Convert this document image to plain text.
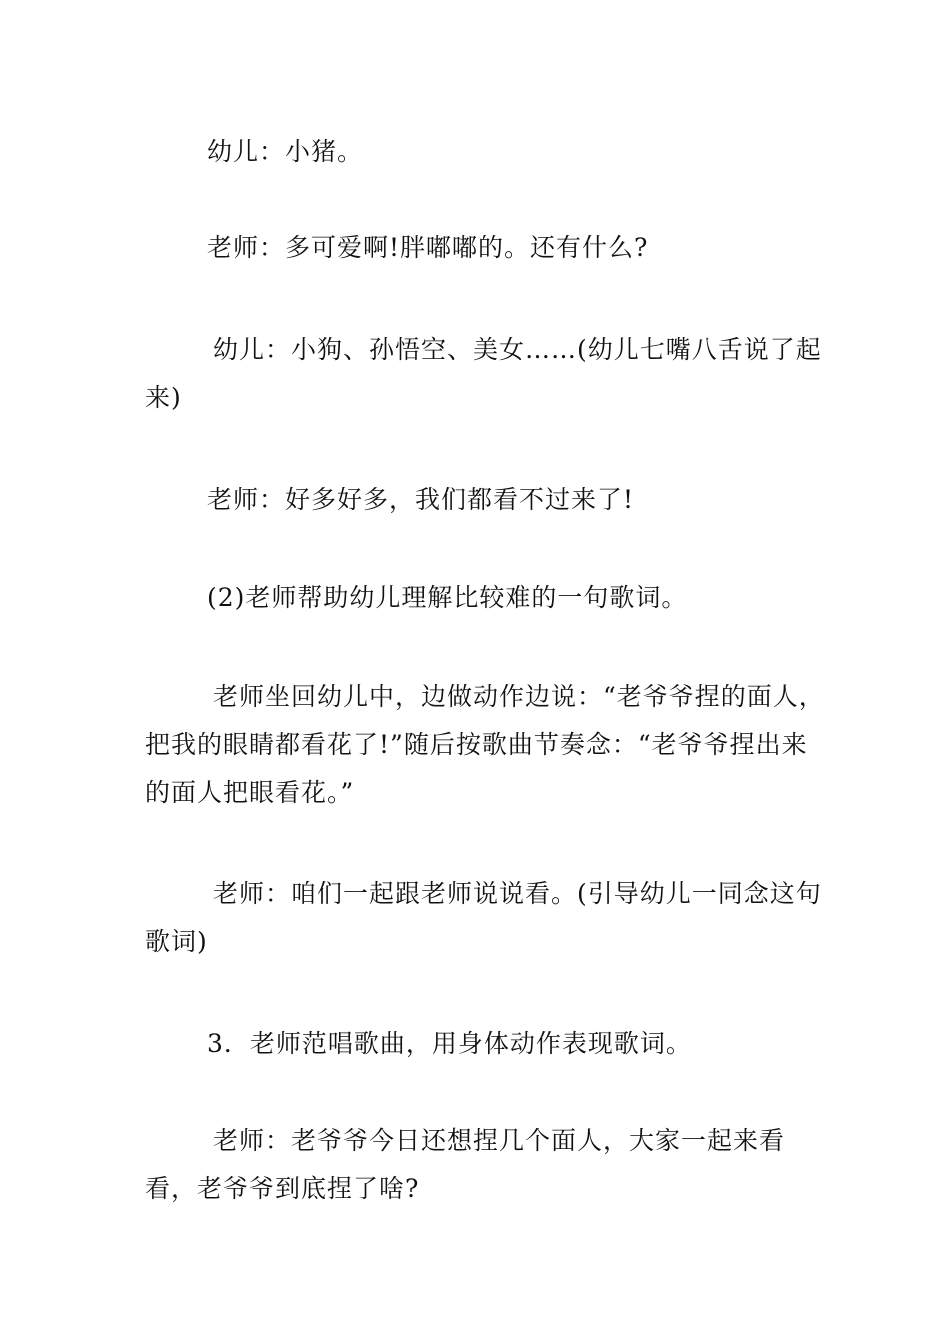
幼儿：小猪。

老师：多可爱啊!胖嘟嘟的。还有什么?

幼儿：小狗、孙悟空、美女……(幼儿七嘴八舌说了起来)

老师：好多好多，我们都看不过来了!

(2)老师帮助幼儿理解比较难的一句歌词。

老师坐回幼儿中，边做动作边说：“老爷爷捏的面人，把我的眼睛都看花了!”随后按歌曲节奏念：“老爷爷捏出来的面人把眼看花。”

老师：咱们一起跟老师说说看。(引导幼儿一同念这句歌词)

3．老师范唱歌曲，用身体动作表现歌词。

老师：老爷爷今日还想捏几个面人，大家一起来看看，老爷爷到底捏了啥?
